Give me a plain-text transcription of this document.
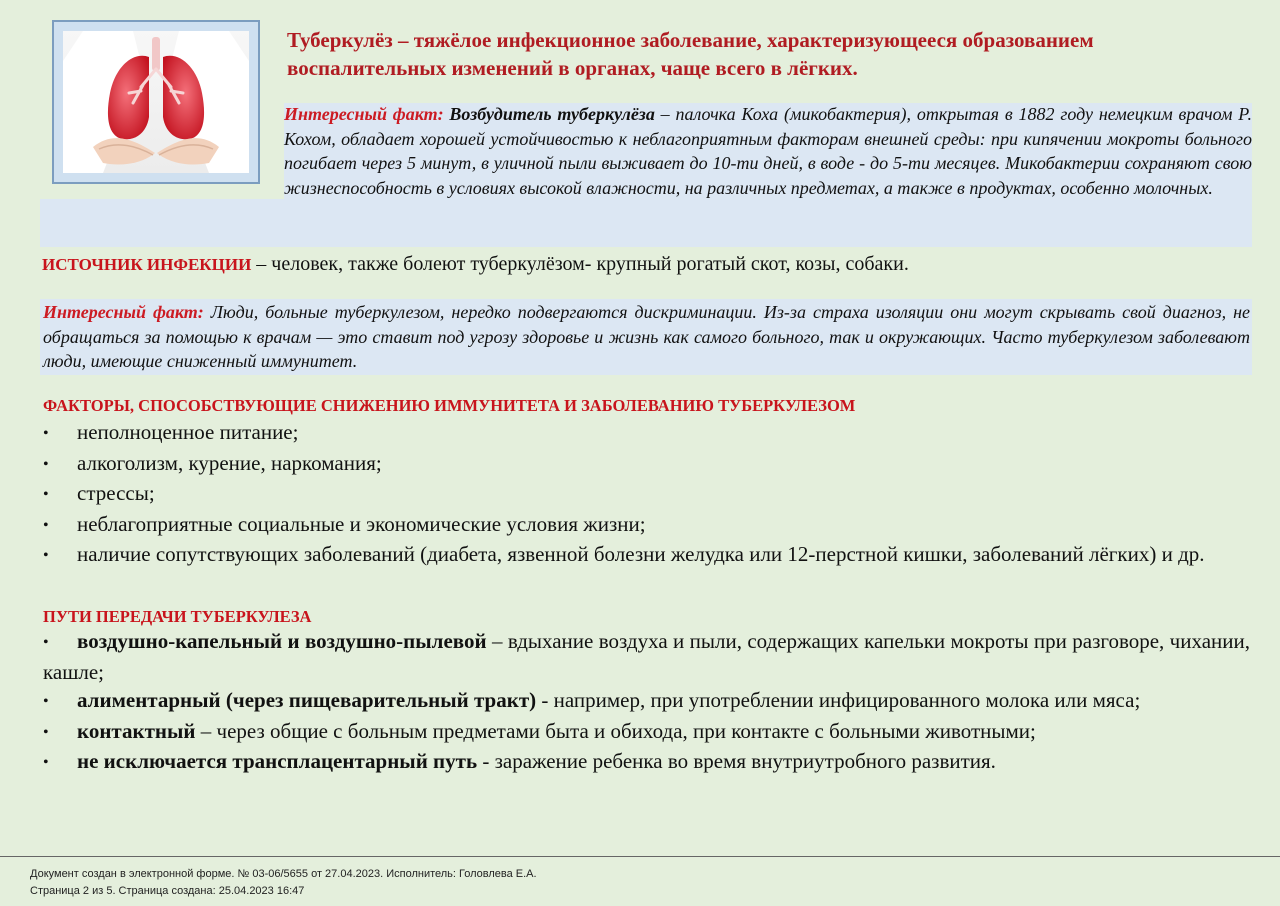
Туберкулёз – тяжёлое инфекционное заболевание, характеризующееся образованием воспалительных изменений в органах, чаще всего в лёгких.

Интересный факт: Возбудитель туберкулёза – палочка Коха (микобактерия), открытая в 1882 году немецким врачом Р. Кохом, обладает хорошей устойчивостью к неблагоприятным факторам внешней среды: при кипячении мокроты больного погибает через 5 минут, в уличной пыли выживает до 10-ти дней, в воде - до 5-ти месяцев. Микобактерии сохраняют свою жизнеспособность в условиях высокой влажности, на различных предметах, а также в продуктах, особенно молочных.

ИСТОЧНИК ИНФЕКЦИИ – человек, также болеют туберкулёзом- крупный рогатый скот, козы, собаки.

Интересный факт: Люди, больные туберкулезом, нередко подвергаются дискриминации. Из-за страха изоляции они могут скрывать свой диагноз, не обращаться за помощью к врачам — это ставит под угрозу здоровье и жизнь как самого больного, так и окружающих. Часто туберкулезом заболевают люди, имеющие сниженный иммунитет.

ФАКТОРЫ, СПОСОБСТВУЮЩИЕ СНИЖЕНИЮ ИММУНИТЕТА И ЗАБОЛЕВАНИЮ ТУБЕРКУЛЕЗОМ
• неполноценное питание;
• алкоголизм, курение, наркомания;
• стрессы;
• неблагоприятные социальные и экономические условия жизни;
• наличие сопутствующих заболеваний (диабета, язвенной болезни желудка или 12-перстной кишки, заболеваний лёгких) и др.
ПУТИ ПЕРЕДАЧИ ТУБЕРКУЛЕЗА
• воздушно-капельный и воздушно-пылевой – вдыхание воздуха и пыли, содержащих капельки мокроты при разговоре, чихании, кашле;
• алиментарный (через пищеварительный тракт) - например, при употреблении инфицированного молока или мяса;
• контактный – через общие с больным предметами быта и обихода, при контакте с больными животными;
• не исключается трансплацентарный путь - заражение ребенка во время внутриутробного развития.
Документ создан в электронной форме. № 03-06/5655 от 27.04.2023. Исполнитель: Головлева Е.А.
Страница 2 из 5. Страница создана: 25.04.2023 16:47
